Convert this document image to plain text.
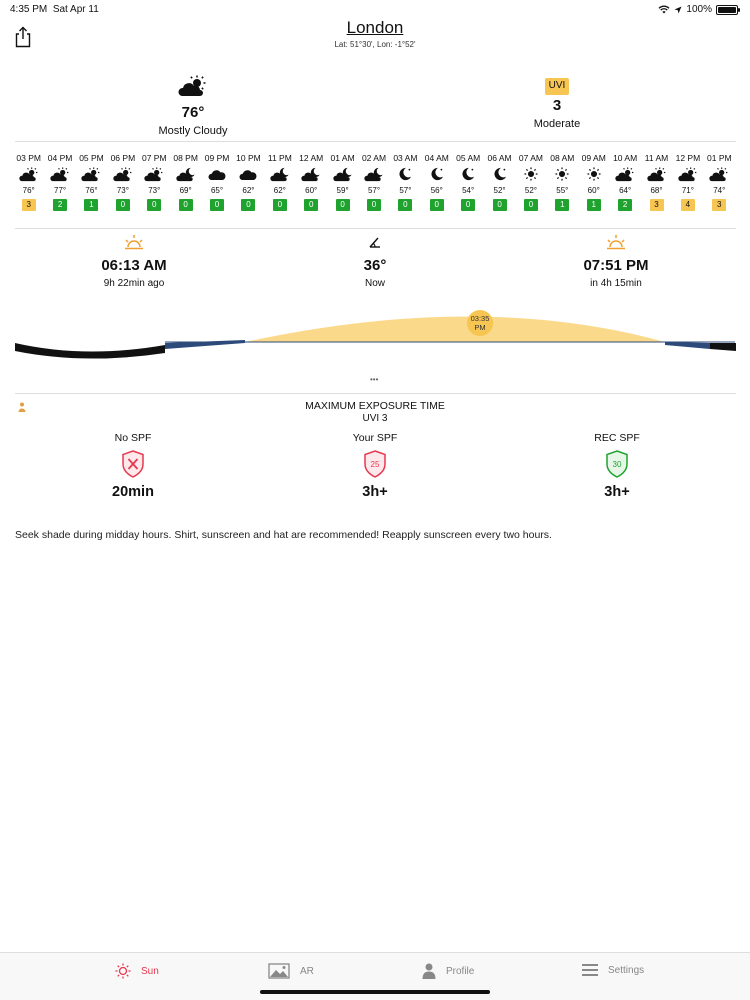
4:35 PM Sat Apr 11	100%
London
Lat: 51°30', Lon: -1°52'
76°
Mostly Cloudy
UVI
3
Moderate
03 PM
76°
3
04 PM
77°
2
05 PM
76°
1
06 PM
73°
0
07 PM
73°
0
08 PM
69°
0
09 PM
65°
0
10 PM
62°
0
11 PM
62°
0
12 AM
60°
0
01 AM
59°
0
02 AM
57°
0
03 AM
57°
0
04 AM
56°
0
05 AM
54°
0
06 AM
52°
0
07 AM
52°
0
08 AM
55°
1
09 AM
60°
1
10 AM
64°
2
11 AM
68°
3
12 PM
71°
4
01 PM
74°
3
06:13 AM
9h 22min ago
36°
Now
07:51 PM
in 4h 15min
03:35
PM
•••
MAXIMUM EXPOSURE TIME
UVI 3
No SPF
20min
Your SPF
25
3h+
REC SPF
30
3h+
Seek shade during midday hours. Shirt, sunscreen and hat are recommended! Reapply sunscreen every two hours.
Sun	AR	Profile	Settings
